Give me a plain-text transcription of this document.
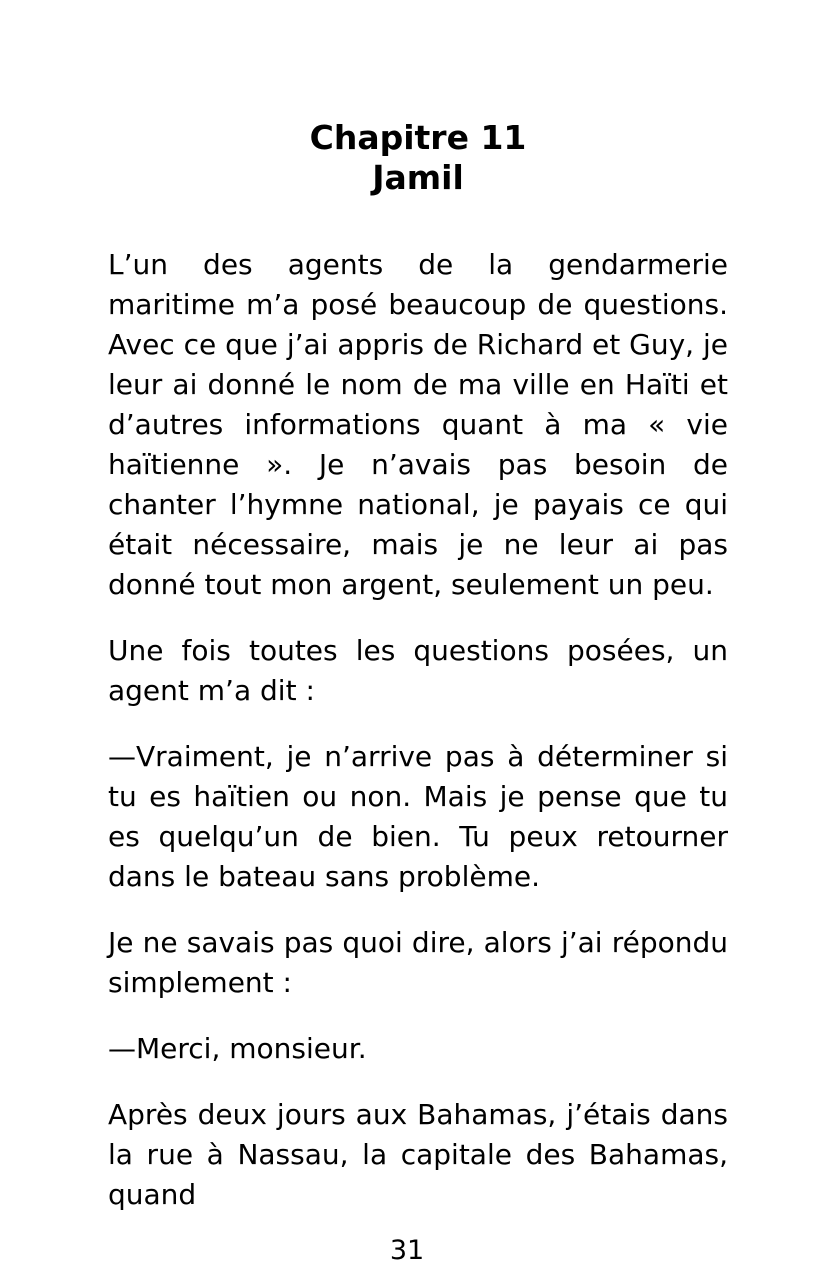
Chapitre 11
Jamil

L’un des agents de la gendarmerie maritime m’a posé beaucoup de questions. Avec ce que j’ai appris de Richard et Guy, je leur ai donné le nom de ma ville en Haïti et d’autres informations quant à ma « vie haïtienne ». Je n’avais pas besoin de chanter l’hymne national, je payais ce qui était nécessaire, mais je ne leur ai pas donné tout mon argent, seulement un peu.

Une fois toutes les questions posées, un agent m’a dit :

—Vraiment, je n’arrive pas à déterminer si tu es haïtien ou non. Mais je pense que tu es quelqu’un de bien. Tu peux retourner dans le bateau sans problème.

Je ne savais pas quoi dire, alors j’ai répondu simplement :

—Merci, monsieur.

Après deux jours aux Bahamas, j’étais dans la rue à Nassau, la capitale des Bahamas, quand

31
